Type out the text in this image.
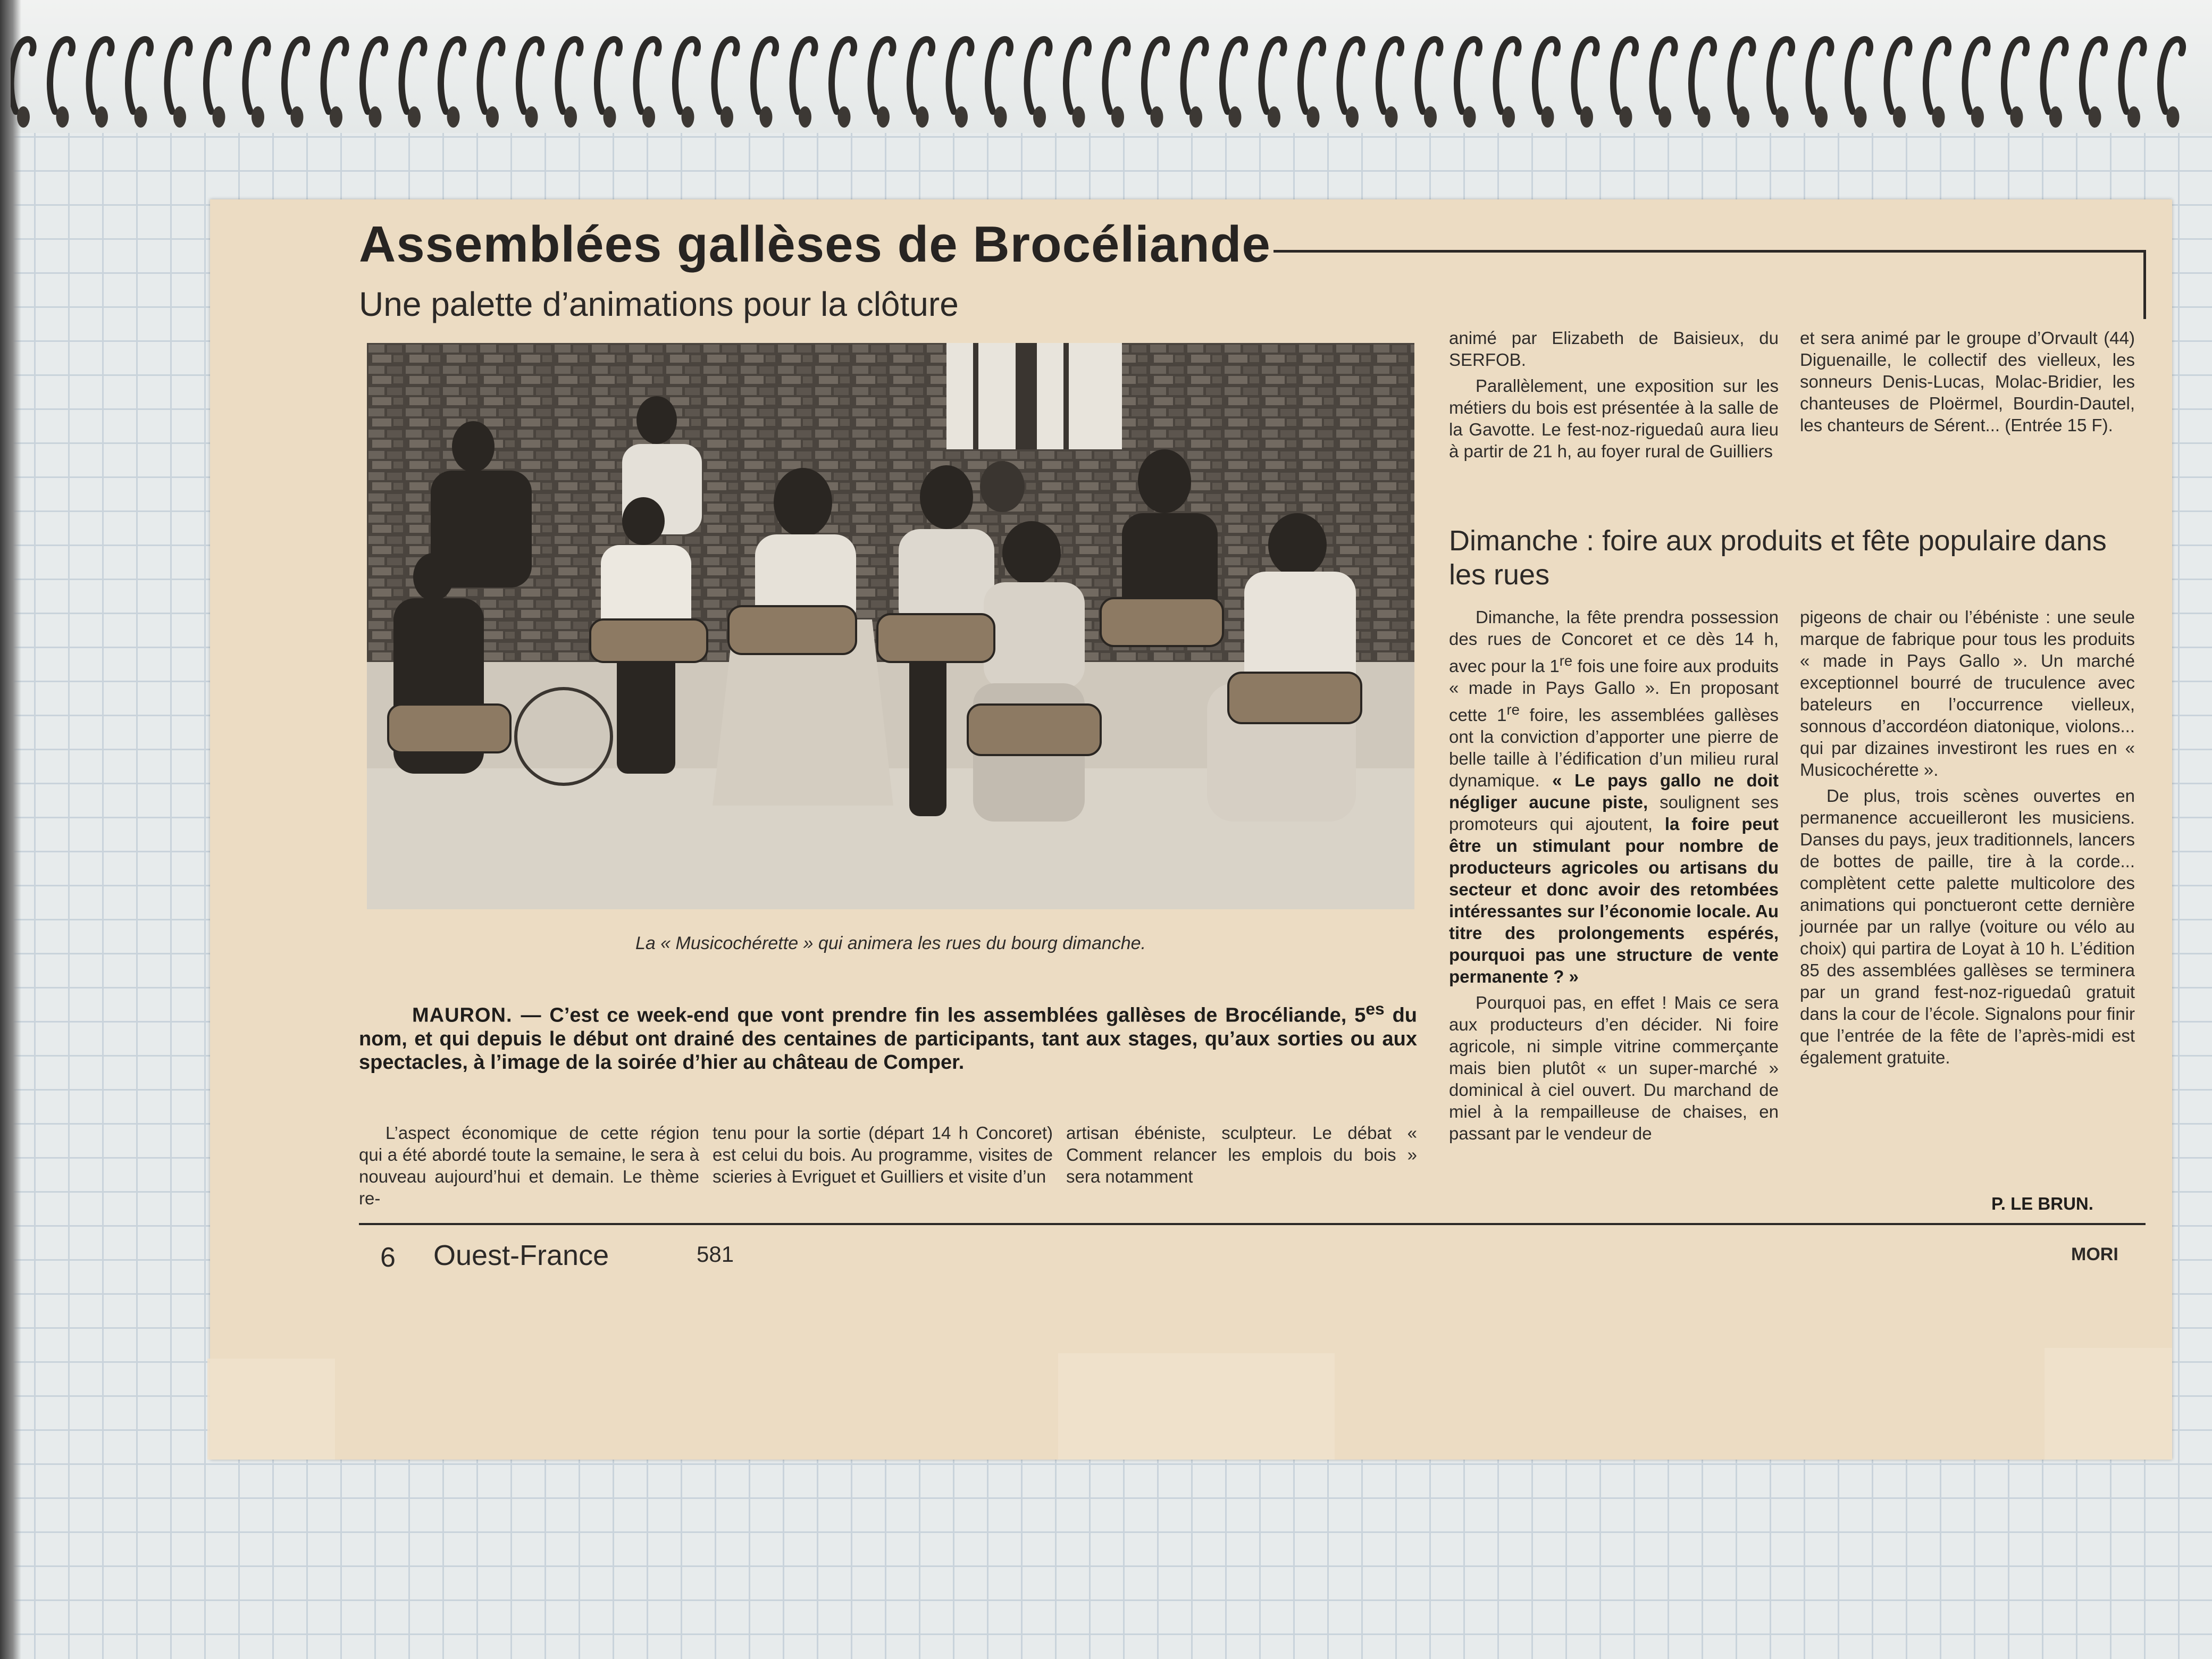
Assemblées gallèses de Brocéliande
Une palette d’animations pour la clôture
La « Musicochérette » qui animera les rues du bourg dimanche.
MAURON. — C’est ce week-end que vont prendre fin les assemblées gallèses de Brocéliande, $5^{es}$ du nom, et qui depuis le début ont drainé des centaines de participants, tant aux stages, qu’aux sorties ou aux spectacles, à l’image de la soirée d’hier au château de Comper.

L’aspect économique de cette région qui a été abordé toute la semaine, le sera à nouveau aujourd’hui et demain. Le thème re-

tenu pour la sortie (départ 14 h Concoret) est celui du bois. Au programme, visites de scieries à Evriguet et Guilliers et visite d’un

artisan ébéniste, sculpteur. Le débat « Comment relancer les emplois du bois » sera notamment

animé par Elizabeth de Baisieux, du SERFOB.

Parallèlement, une exposition sur les métiers du bois est présentée à la salle de la Gavotte. Le fest-noz-riguedaû aura lieu à partir de 21 h, au foyer rural de Guilliers

et sera animé par le groupe d’Orvault (44) Diguenaille, le collectif des vielleux, les sonneurs Denis-Lucas, Molac-Bridier, les chanteuses de Ploërmel, Bourdin-Dautel, les chanteurs de Sérent... (Entrée 15 F).

Dimanche : foire aux produits et fête populaire dans les rues

Dimanche, la fête prendra possession des rues de Concoret et ce dès 14 h, avec pour la 1re fois une foire aux produits « made in Pays Gallo ». En proposant cette 1re foire, les assemblées gallèses ont la conviction d’apporter une pierre de belle taille à l’édification d’un milieu rural dynamique. « Le pays gallo ne doit négliger aucune piste, soulignent ses promoteurs qui ajoutent, la foire peut être un stimulant pour nombre de producteurs agricoles ou artisans du secteur et donc avoir des retombées intéressantes sur l’économie locale. Au titre des prolongements espérés, pourquoi pas une structure de vente permanente ? »

Pourquoi pas, en effet ! Mais ce sera aux producteurs d’en décider. Ni foire agricole, ni simple vitrine commerçante mais bien plutôt « un super-marché » dominical à ciel ouvert. Du marchand de miel à la rempailleuse de chaises, en passant par le vendeur de

pigeons de chair ou l’ébéniste : une seule marque de fabrique pour tous les produits « made in Pays Gallo ». Un marché exceptionnel bourré de truculence avec bateleurs en l’occurrence vielleux, sonnous d’accordéon diatonique, violons... qui par dizaines investiront les rues en « Musicochérette ».

De plus, trois scènes ouvertes en permanence accueilleront les musiciens. Danses du pays, jeux traditionnels, lancers de bottes de paille, tire à la corde... complètent cette palette multicolore des animations qui ponctueront cette dernière journée par un rallye (voiture ou vélo au choix) qui partira de Loyat à 10 h. L’édition 85 des assemblées gallèses se terminera par un grand fest-noz-riguedaû gratuit dans la cour de l’école. Signalons pour finir que l’entrée de la fête de l’après-midi est également gratuite.

P. LE BRUN.
6 Ouest-France	581	MORI
